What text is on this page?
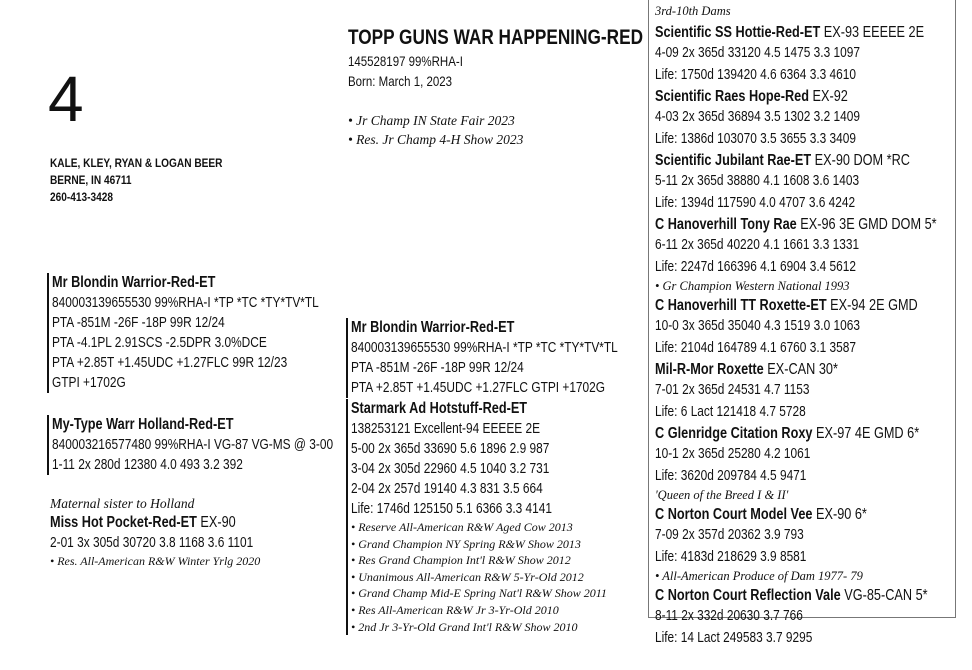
4
KALE, KLEY, RYAN & LOGAN BEER
BERNE, IN 46711
260-413-3428
TOPP GUNS WAR HAPPENING-RED
145528197 99%RHA-I
Born: March 1, 2023
• Jr Champ IN State Fair 2023
• Res. Jr Champ 4-H Show 2023
Mr Blondin Warrior-Red-ET
840003139655530 99%RHA-I *TP *TC *TY*TV*TL
PTA -851M -26F -18P 99R 12/24
PTA -4.1PL 2.91SCS -2.5DPR 3.0%DCE
PTA +2.85T +1.45UDC +1.27FLC 99R 12/23
GTPI +1702G
My-Type Warr Holland-Red-ET
840003216577480 99%RHA-I VG-87 VG-MS @ 3-00
1-11 2x 280d 12380 4.0 493 3.2 392
Maternal sister to Holland
Miss Hot Pocket-Red-ET EX-90
2-01 3x 305d 30720 3.8 1168 3.6 1101
• Res. All-American R&W Winter Yrlg 2020
Mr Blondin Warrior-Red-ET
840003139655530 99%RHA-I *TP *TC *TY*TV*TL
PTA -851M -26F -18P 99R 12/24
PTA +2.85T +1.45UDC +1.27FLC GTPI +1702G
Starmark Ad Hotstuff-Red-ET
138253121 Excellent-94 EEEEE 2E
5-00 2x 365d 33690 5.6 1896 2.9 987
3-04 2x 305d 22960 4.5 1040 3.2 731
2-04 2x 257d 19140 4.3 831 3.5 664
Life: 1746d 125150 5.1 6366 3.3 4141
• Reserve All-American R&W Aged Cow 2013
• Grand Champion NY Spring R&W Show 2013
• Res Grand Champion Int'l R&W Show 2012
• Unanimous All-American R&W 5-Yr-Old 2012
• Grand Champ Mid-E Spring Nat'l R&W Show 2011
• Res All-American R&W Jr 3-Yr-Old 2010
• 2nd Jr 3-Yr-Old Grand Int'l R&W Show 2010
3rd-10th Dams
Scientific SS Hottie-Red-ET EX-93 EEEEE 2E
4-09 2x 365d 33120 4.5 1475 3.3 1097
Life: 1750d 139420 4.6 6364 3.3 4610
Scientific Raes Hope-Red EX-92
4-03 2x 365d 36894 3.5 1302 3.2 1409
Life: 1386d 103070 3.5 3655 3.3 3409
Scientific Jubilant Rae-ET EX-90 DOM *RC
5-11 2x 365d 38880 4.1 1608 3.6 1403
Life: 1394d 117590 4.0 4707 3.6 4242
C Hanoverhill Tony Rae EX-96 3E GMD DOM 5*
6-11 2x 365d 40220 4.1 1661 3.3 1331
Life: 2247d 166396 4.1 6904 3.4 5612
• Gr Champion Western National 1993
C Hanoverhill TT Roxette-ET EX-94 2E GMD
10-0 3x 365d 35040 4.3 1519 3.0 1063
Life: 2104d 164789 4.1 6760 3.1 3587
Mil-R-Mor Roxette EX-CAN 30*
7-01 2x 365d 24531 4.7 1153
Life: 6 Lact 121418 4.7 5728
C Glenridge Citation Roxy EX-97 4E GMD 6*
10-1 2x 365d 25280 4.2 1061
Life: 3620d 209784 4.5 9471
'Queen of the Breed I & II'
C Norton Court Model Vee EX-90 6*
7-09 2x 357d 20362 3.9 793
Life: 4183d 218629 3.9 8581
• All-American Produce of Dam 1977- 79
C Norton Court Reflection Vale VG-85-CAN 5*
8-11 2x 332d 20630 3.7 766
Life: 14 Lact 249583 3.7 9295
